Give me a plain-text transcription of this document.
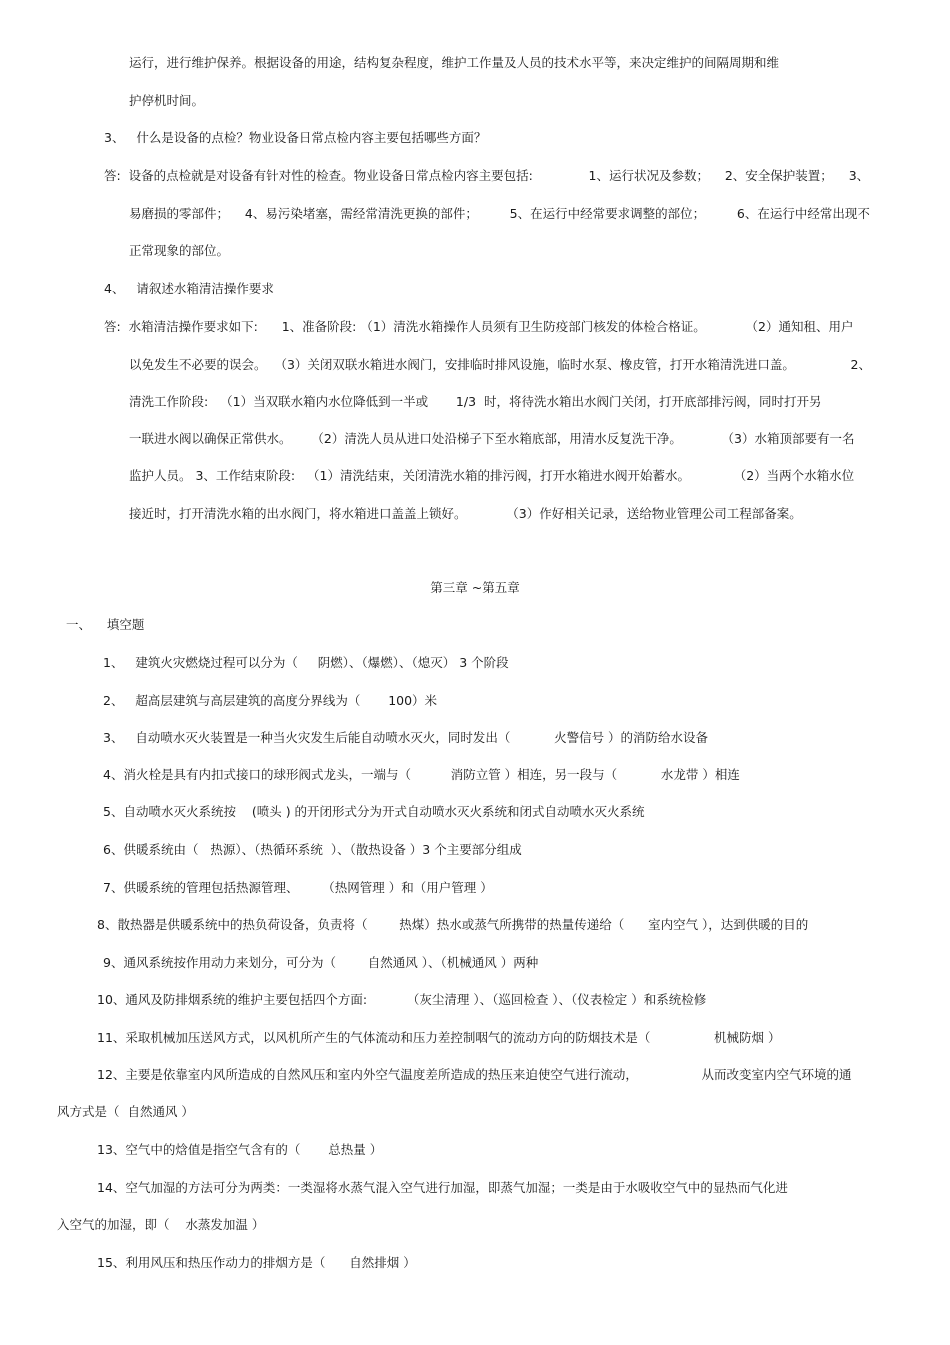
运行，进行维护保养。根据设备的用途，结构复杂程度，维护工作量及人员的技术水平等，来决定维护的间隔周期和维
护停机时间。
3、   什么是设备的点检？物业设备日常点检内容主要包括哪些方面？
答:  设备的点检就是对设备有针对性的检查。物业设备日常点检内容主要包括:              1、运行状况及参数；    2、安全保护装置；    3、
易磨损的零部件；    4、易污染堵塞，需经常清洗更换的部件；        5、在运行中经常要求调整的部位；        6、在运行中经常出现不
正常现象的部位。
4、   请叙述水箱清洁操作要求
答:  水箱清洁操作要求如下:      1、准备阶段: （1）清洗水箱操作人员须有卫生防疫部门核发的体检合格证。          （2）通知租、用户
以免发生不必要的误会。  （3）关闭双联水箱进水阀门，安排临时排风设施，临时水泵、橡皮管，打开水箱清洗进口盖。              2、
清洗工作阶段:   （1）当双联水箱内水位降低到一半或       1/3  时，将待洗水箱出水阀门关闭，打开底部排污阀，同时打开另
一联进水阀以确保正常供水。     （2）清洗人员从进口处沿梯子下至水箱底部，用清水反复洗干净。          （3）水箱顶部要有一名
监护人员。 3、工作结束阶段:   （1）清洗结束，关闭清洗水箱的排污阀，打开水箱进水阀开始蓄水。           （2）当两个水箱水位
接近时，打开清洗水箱的出水阀门，将水箱进口盖盖上锁好。          （3）作好相关记录，送给物业管理公司工程部备案。
第三章 ~第五章
一、    填空题
1、   建筑火灾燃烧过程可以分为（     阴燃）、（爆燃）、（熄灭） 3 个阶段
2、   超高层建筑与高层建筑的高度分界线为（       100）米
3、   自动喷水灭火装置是一种当火灾发生后能自动喷水灭火，同时发出（           火警信号 ）的消防给水设备
4、消火栓是具有内扣式接口的球形阀式龙头，一端与（          消防立管 ）相连，另一段与（           水龙带 ）相连
5、自动喷水灭火系统按    (喷头 ) 的开闭形式分为开式自动喷水灭火系统和闭式自动喷水灭火系统
6、供暖系统由（   热源）、（热循环系统  ）、（散热设备 ）3 个主要部分组成
7、供暖系统的管理包括热源管理、      （热网管理 ）和（用户管理 ）
8、散热器是供暖系统中的热负荷设备，负责将（        热煤）热水或蒸气所携带的热量传递给（      室内空气 ），达到供暖的目的
9、通风系统按作用动力来划分，可分为（        自然通风 ）、（机械通风 ）两种
10、通风及防排烟系统的维护主要包括四个方面:          （灰尘清理 ）、（巡回检查 ）、（仪表检定 ）和系统检修
11、采取机械加压送风方式，以风机所产生的气体流动和压力差控制咽气的流动方向的防烟技术是（                机械防烟 ）
12、主要是依靠室内风所造成的自然风压和室内外空气温度差所造成的热压来迫使空气进行流动，                从而改变室内空气环境的通
风方式是（  自然通风 ）
13、空气中的焓值是指空气含有的（       总热量 ）
14、空气加湿的方法可分为两类：一类湿将水蒸气混入空气进行加湿，即蒸气加湿；一类是由于水吸收空气中的显热而气化进
入空气的加湿，即（    水蒸发加温 ）
15、利用风压和热压作动力的排烟方是（      自然排烟 ）
